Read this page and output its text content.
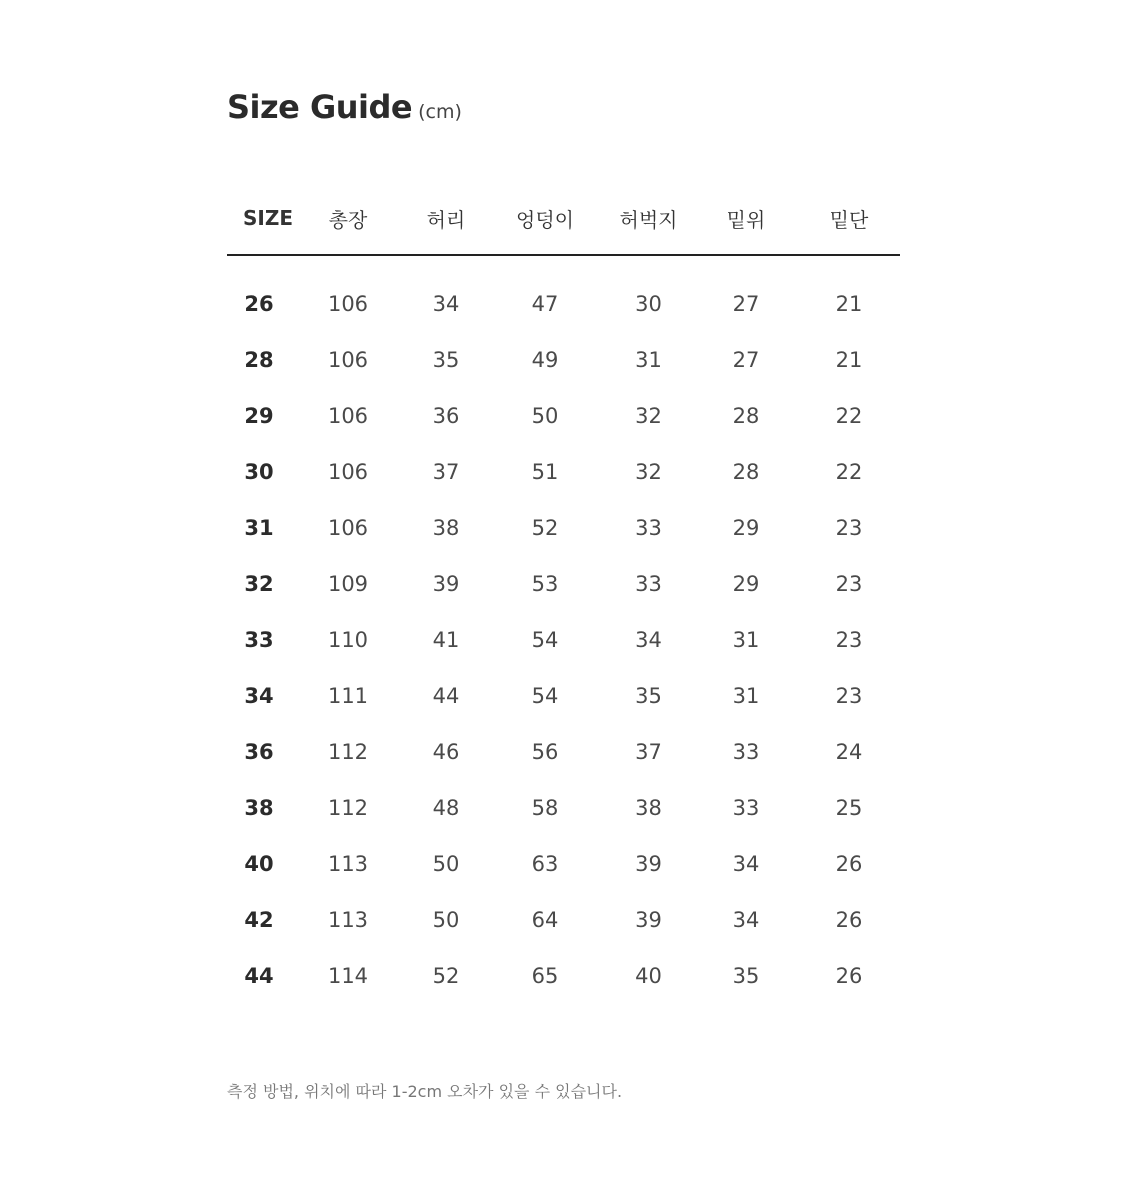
Size Guide (cm)
SIZE	총장	허리	엉덩이	허벅지	밑위	밑단
26	106	34	47	30	27	21
28	106	35	49	31	27	21
29	106	36	50	32	28	22
30	106	37	51	32	28	22
31	106	38	52	33	29	23
32	109	39	53	33	29	23
33	110	41	54	34	31	23
34	111	44	54	35	31	23
36	112	46	56	37	33	24
38	112	48	58	38	33	25
40	113	50	63	39	34	26
42	113	50	64	39	34	26
44	114	52	65	40	35	26
측정 방법, 위치에 따라 1-2cm 오차가 있을 수 있습니다.
